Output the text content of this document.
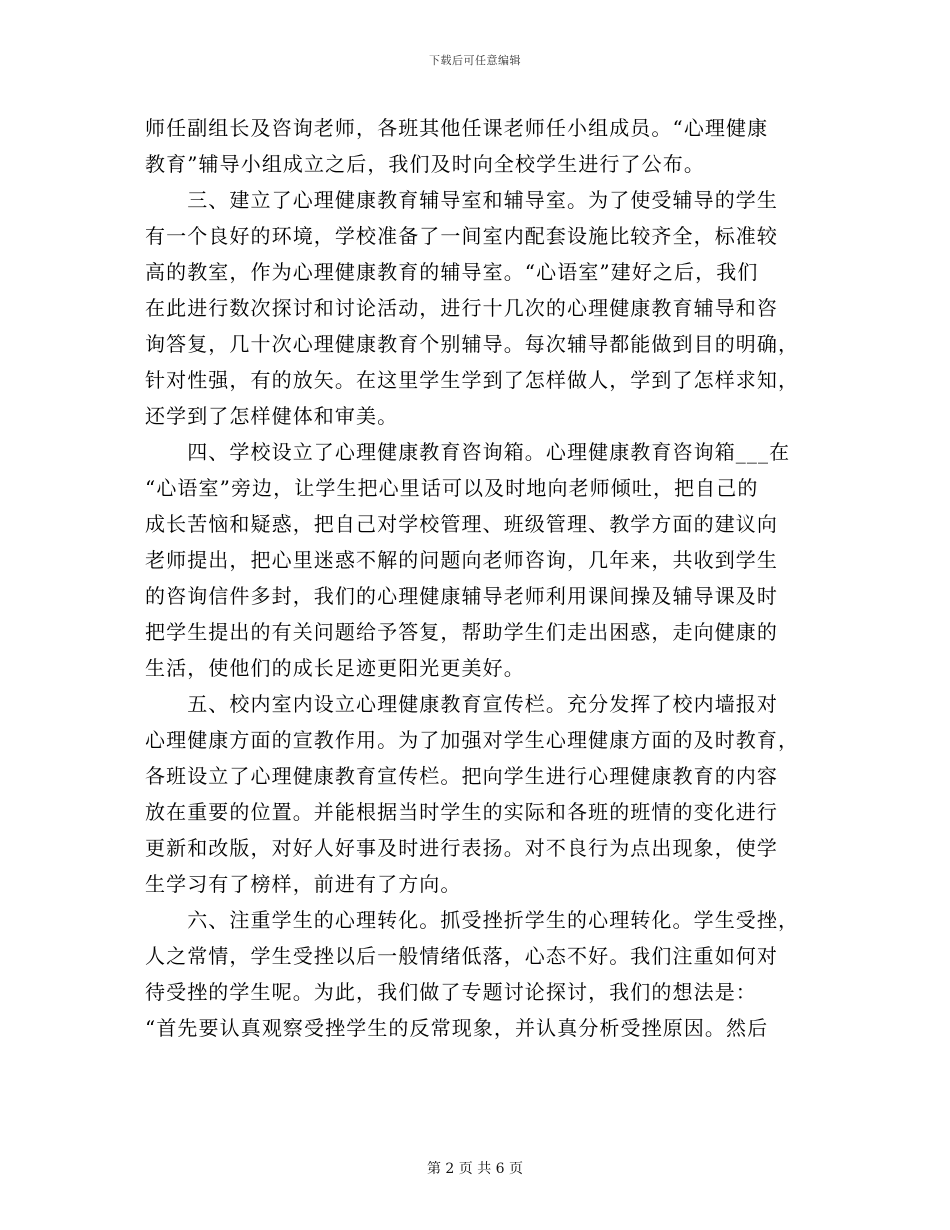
下载后可任意编辑
师任副组长及咨询老师，各班其他任课老师任小组成员。“心理健康
教育”辅导小组成立之后，我们及时向全校学生进行了公布。
　　三、建立了心理健康教育辅导室和辅导室。为了使受辅导的学生
有一个良好的环境，学校准备了一间室内配套设施比较齐全，标准较
高的教室，作为心理健康教育的辅导室。“心语室”建好之后，我们
在此进行数次探讨和讨论活动，进行十几次的心理健康教育辅导和咨
询答复，几十次心理健康教育个别辅导。每次辅导都能做到目的明确，
针对性强，有的放矢。在这里学生学到了怎样做人，学到了怎样求知，
还学到了怎样健体和审美。
　　四、学校设立了心理健康教育咨询箱。心理健康教育咨询箱___在
“心语室”旁边，让学生把心里话可以及时地向老师倾吐，把自己的
成长苦恼和疑惑，把自己对学校管理、班级管理、教学方面的建议向
老师提出，把心里迷惑不解的问题向老师咨询，几年来，共收到学生
的咨询信件多封，我们的心理健康辅导老师利用课间操及辅导课及时
把学生提出的有关问题给予答复，帮助学生们走出困惑，走向健康的
生活，使他们的成长足迹更阳光更美好。
　　五、校内室内设立心理健康教育宣传栏。充分发挥了校内墙报对
心理健康方面的宣教作用。为了加强对学生心理健康方面的及时教育，
各班设立了心理健康教育宣传栏。把向学生进行心理健康教育的内容
放在重要的位置。并能根据当时学生的实际和各班的班情的变化进行
更新和改版，对好人好事及时进行表扬。对不良行为点出现象，使学
生学习有了榜样，前进有了方向。
　　六、注重学生的心理转化。抓受挫折学生的心理转化。学生受挫，
人之常情，学生受挫以后一般情绪低落，心态不好。我们注重如何对
待受挫的学生呢。为此，我们做了专题讨论探讨，我们的想法是：
“首先要认真观察受挫学生的反常现象，并认真分析受挫原因。然后
第 2 页 共 6 页
